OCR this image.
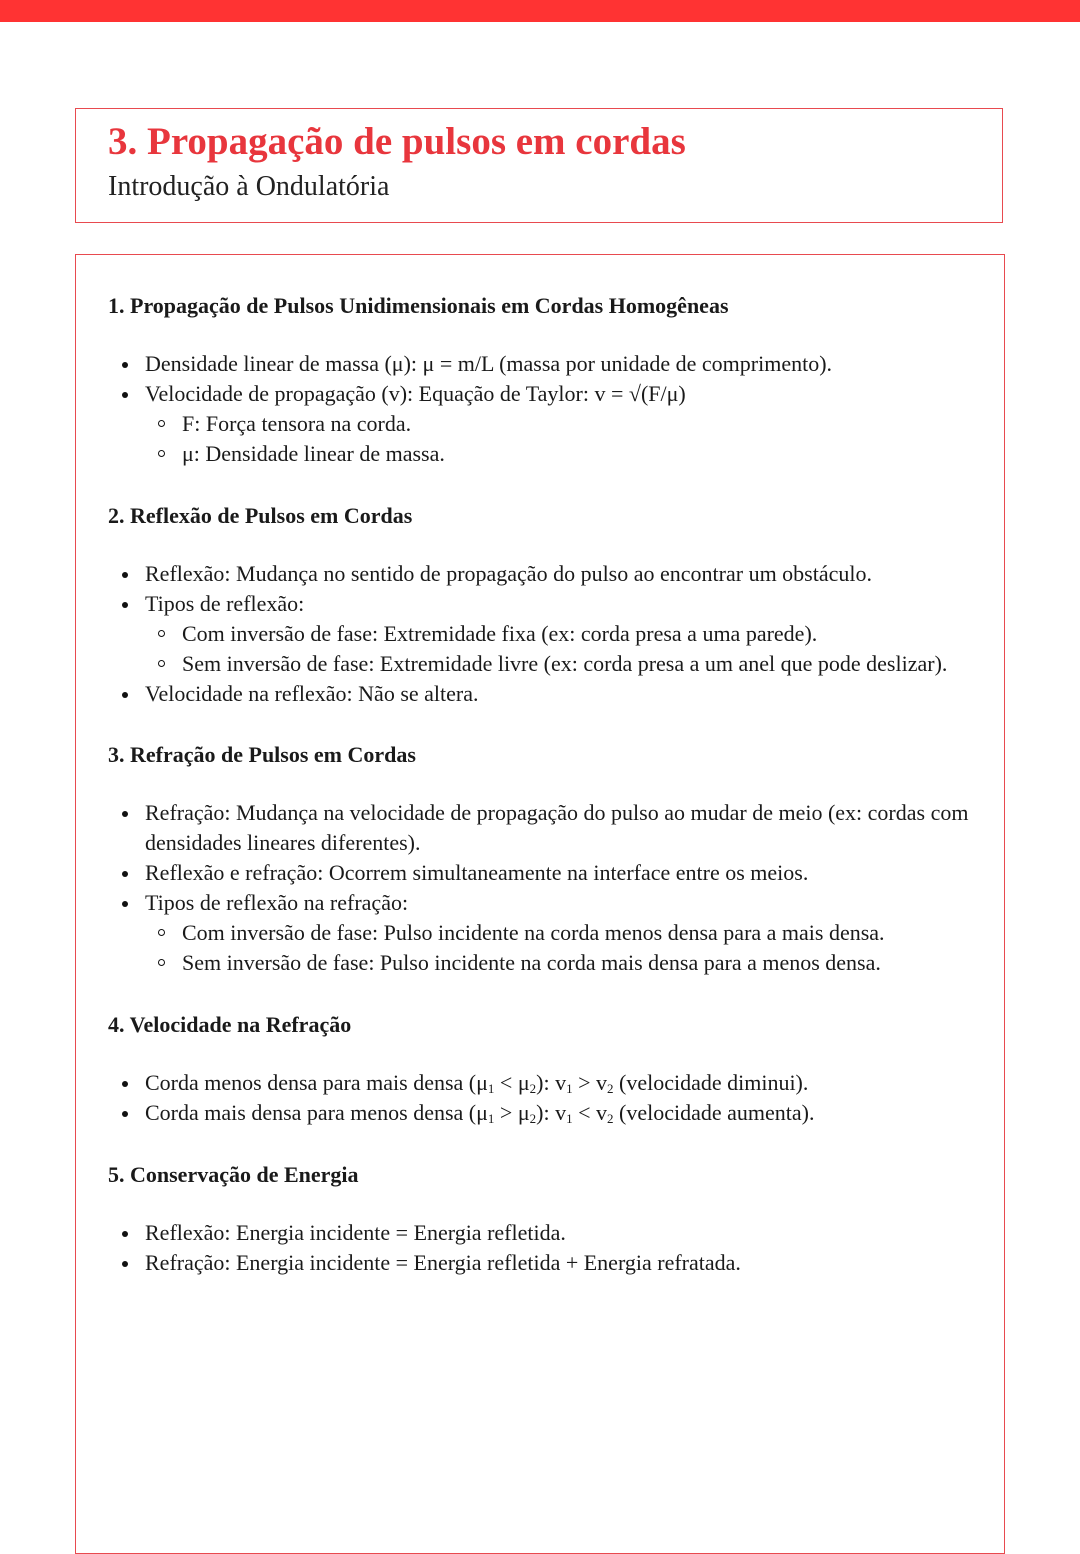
3. Propagação de pulsos em cordas
Introdução à Ondulatória
1. Propagação de Pulsos Unidimensionais em Cordas Homogêneas
Densidade linear de massa (μ): μ = m/L (massa por unidade de comprimento).
Velocidade de propagação (v): Equação de Taylor: v = √(F/μ)
F: Força tensora na corda.
μ: Densidade linear de massa.
2. Reflexão de Pulsos em Cordas
Reflexão: Mudança no sentido de propagação do pulso ao encontrar um obstáculo.
Tipos de reflexão:
Com inversão de fase: Extremidade fixa (ex: corda presa a uma parede).
Sem inversão de fase: Extremidade livre (ex: corda presa a um anel que pode deslizar).
Velocidade na reflexão: Não se altera.
3. Refração de Pulsos em Cordas
Refração: Mudança na velocidade de propagação do pulso ao mudar de meio (ex: cordas com densidades lineares diferentes).
Reflexão e refração: Ocorrem simultaneamente na interface entre os meios.
Tipos de reflexão na refração:
Com inversão de fase: Pulso incidente na corda menos densa para a mais densa.
Sem inversão de fase: Pulso incidente na corda mais densa para a menos densa.
4. Velocidade na Refração
Corda menos densa para mais densa $(\mu_1 < \mu_2)$: $v_1 > v_2$ (velocidade diminui).
Corda mais densa para menos densa $(\mu_1 > \mu_2)$: $v_1 < v_2$ (velocidade aumenta).
5. Conservação de Energia
Reflexão: Energia incidente = Energia refletida.
Refração: Energia incidente = Energia refletida + Energia refratada.
